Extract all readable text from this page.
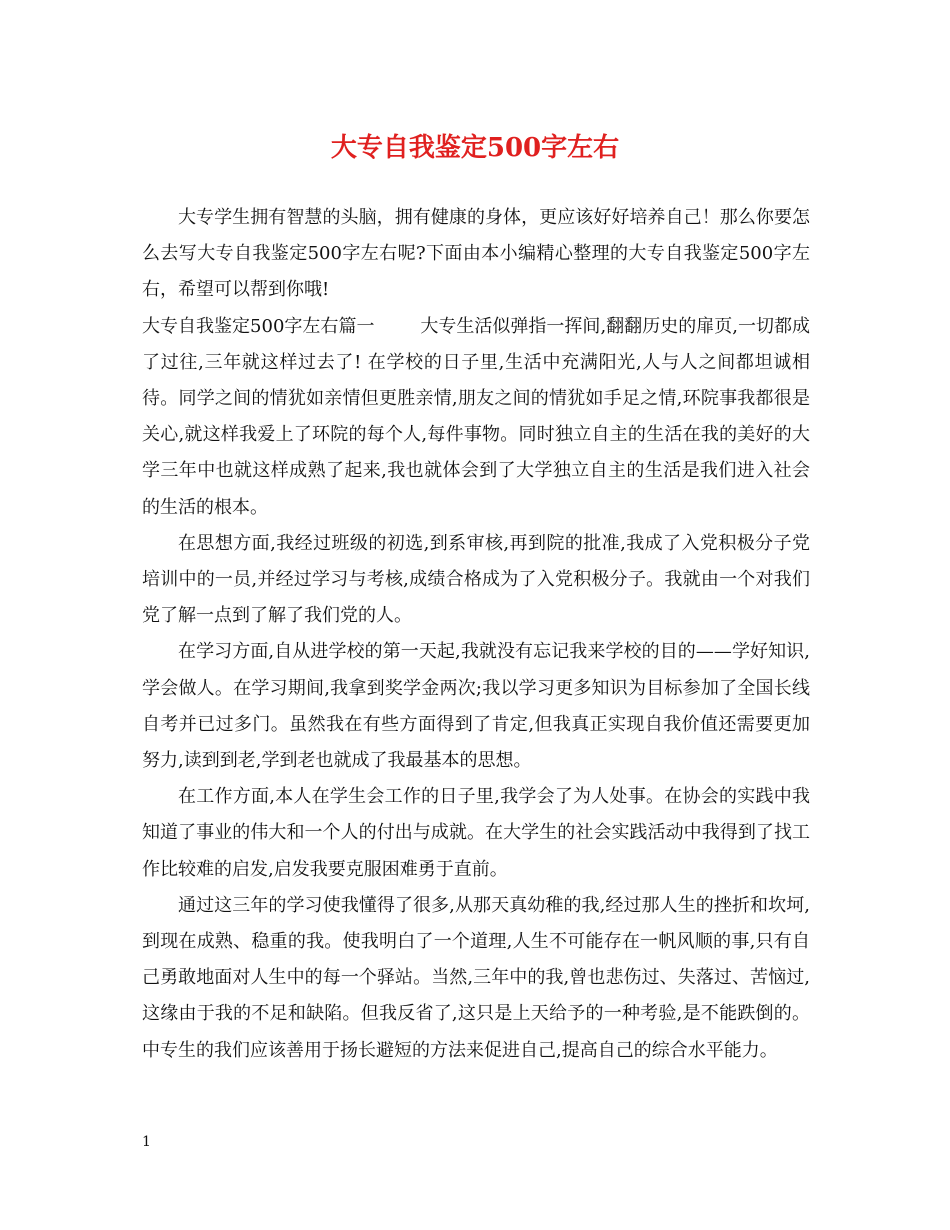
大专自我鉴定500字左右

大专学生拥有智慧的头脑，拥有健康的身体，更应该好好培养自己！那么你要怎么去写大专自我鉴定500字左右呢?下面由本小编精心整理的大专自我鉴定500字左右，希望可以帮到你哦!

大专自我鉴定500字左右篇一	大专生活似弹指一挥间,翻翻历史的扉页,一切都成了过往,三年就这样过去了! 在学校的日子里,生活中充满阳光,人与人之间都坦诚相待。同学之间的情犹如亲情但更胜亲情,朋友之间的情犹如手足之情,环院事我都很是关心,就这样我爱上了环院的每个人,每件事物。同时独立自主的生活在我的美好的大学三年中也就这样成熟了起来,我也就体会到了大学独立自主的生活是我们进入社会的生活的根本。

在思想方面,我经过班级的初选,到系审核,再到院的批准,我成了入党积极分子党培训中的一员,并经过学习与考核,成绩合格成为了入党积极分子。我就由一个对我们党了解一点到了解了我们党的人。

在学习方面,自从进学校的第一天起,我就没有忘记我来学校的目的——学好知识,学会做人。在学习期间,我拿到奖学金两次;我以学习更多知识为目标参加了全国长线自考并已过多门。虽然我在有些方面得到了肯定,但我真正实现自我价值还需要更加努力,读到到老,学到老也就成了我最基本的思想。

在工作方面,本人在学生会工作的日子里,我学会了为人处事。在协会的实践中我知道了事业的伟大和一个人的付出与成就。在大学生的社会实践活动中我得到了找工作比较难的启发,启发我要克服困难勇于直前。

通过这三年的学习使我懂得了很多,从那天真幼稚的我,经过那人生的挫折和坎坷,到现在成熟、稳重的我。使我明白了一个道理,人生不可能存在一帆风顺的事,只有自己勇敢地面对人生中的每一个驿站。当然,三年中的我,曾也悲伤过、失落过、苦恼过,这缘由于我的不足和缺陷。但我反省了,这只是上天给予的一种考验,是不能跌倒的。中专生的我们应该善用于扬长避短的方法来促进自己,提高自己的综合水平能力。

1
